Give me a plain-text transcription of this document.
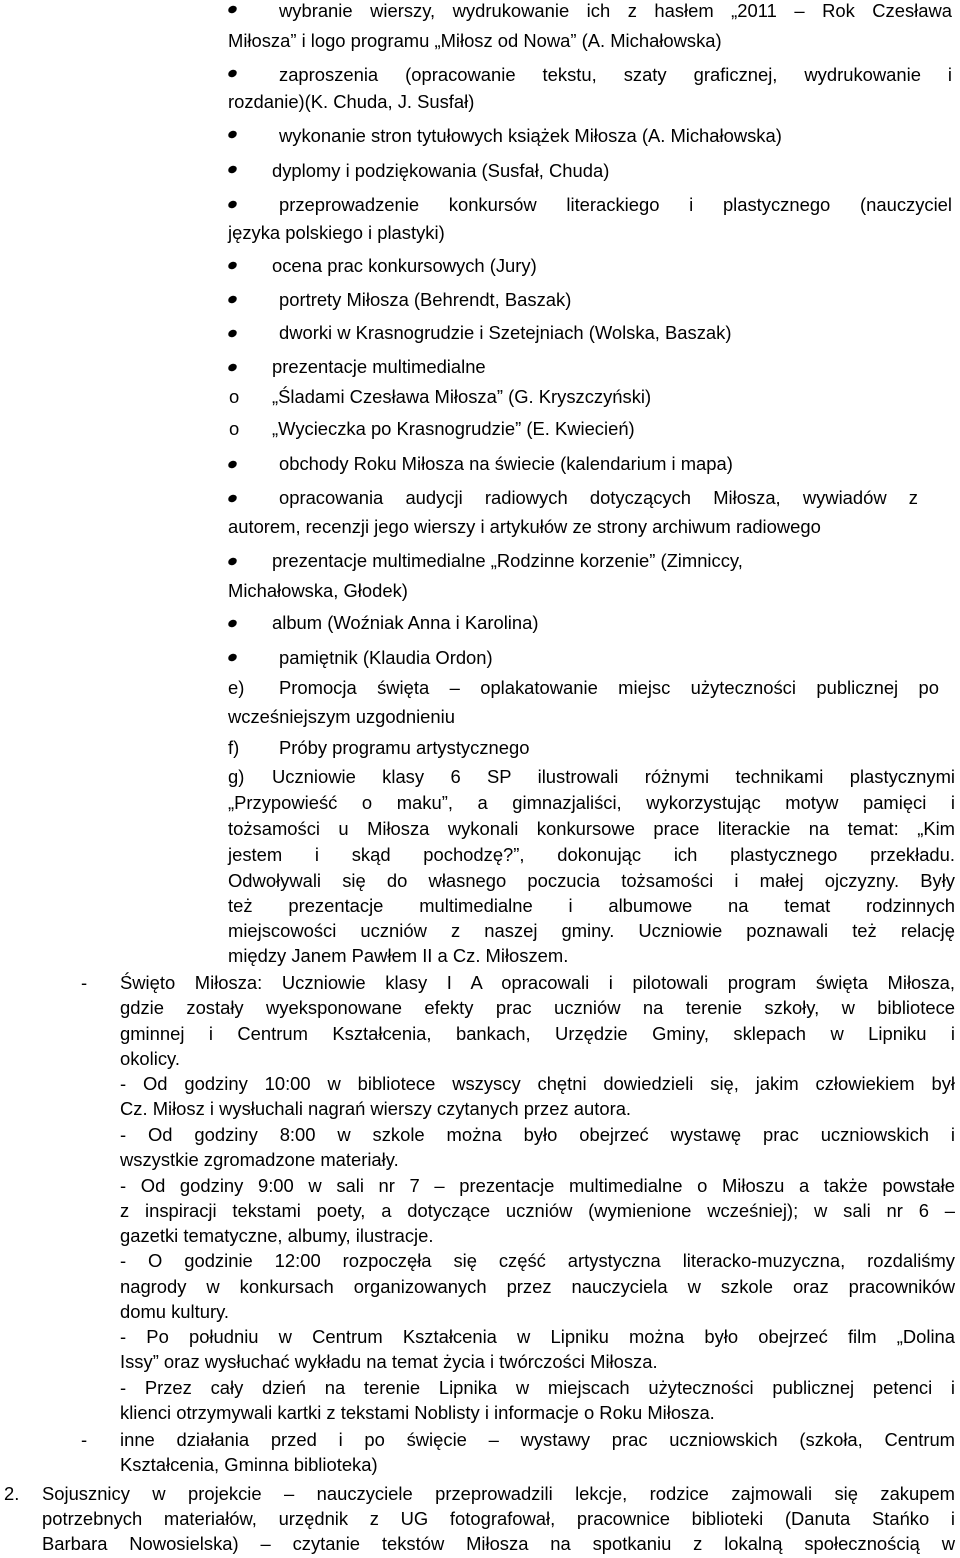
wybranie wierszy, wydrukowanie ich z hasłem „2011 – Rok Czesława
Miłosza” i logo programu „Miłosz od Nowa” (A. Michałowska)
zaproszenia (opracowanie tekstu, szaty graficznej, wydrukowanie i
rozdanie)(K. Chuda, J. Susfał)
wykonanie stron tytułowych książek Miłosza (A. Michałowska)
dyplomy i podziękowania (Susfał, Chuda)
przeprowadzenie konkursów literackiego i plastycznego (nauczyciel
języka polskiego i plastyki)
ocena prac konkursowych (Jury)
portrety Miłosza (Behrendt, Baszak)
dworki w Krasnogrudzie i Szetejniach (Wolska, Baszak)
prezentacje multimedialne
o „Śladami Czesława Miłosza” (G. Kryszczyński)
o „Wycieczka po Krasnogrudzie” (E. Kwiecień)
obchody Roku Miłosza na świecie (kalendarium i mapa)
opracowania audycji radiowych dotyczących Miłosza, wywiadów z
autorem, recenzji jego wierszy i artykułów ze strony archiwum radiowego
prezentacje multimedialne „Rodzinne korzenie” (Zimniccy,
Michałowska, Głodek)
album (Woźniak Anna i Karolina)
pamiętnik (Klaudia Ordon)
e) Promocja święta – oplakatowanie miejsc użyteczności publicznej po
wcześniejszym uzgodnieniu
f) Próby programu artystycznego
g) Uczniowie klasy 6 SP ilustrowali różnymi technikami plastycznymi
„Przypowieść o maku”, a gimnazjaliści, wykorzystując motyw pamięci i
tożsamości u Miłosza wykonali konkursowe prace literackie na temat: „Kim
jestem i skąd pochodzę?”, dokonując ich plastycznego przekładu.
Odwoływali się do własnego poczucia tożsamości i małej ojczyzny. Były
też prezentacje multimedialne i albumowe na temat rodzinnych
miejscowości uczniów z naszej gminy. Uczniowie poznawali też relację
między Janem Pawłem II a Cz. Miłoszem.
- Święto Miłosza: Uczniowie klasy I A opracowali i pilotowali program święta Miłosza,
gdzie zostały wyeksponowane efekty prac uczniów na terenie szkoły, w bibliotece
gminnej i Centrum Kształcenia, bankach, Urzędzie Gminy, sklepach w Lipniku i
okolicy.
- Od godziny 10:00 w bibliotece wszyscy chętni dowiedzieli się, jakim człowiekiem był
Cz. Miłosz i wysłuchali nagrań wierszy czytanych przez autora.
- Od godziny 8:00 w szkole można było obejrzeć wystawę prac uczniowskich i
wszystkie zgromadzone materiały.
- Od godziny 9:00 w sali nr 7 – prezentacje multimedialne o Miłoszu a także powstałe
z inspiracji tekstami poety, a dotyczące uczniów (wymienione wcześniej); w sali nr 6 –
gazetki tematyczne, albumy, ilustracje.
- O godzinie 12:00 rozpoczęła się część artystyczna literacko-muzyczna, rozdaliśmy
nagrody w konkursach organizowanych przez nauczyciela w szkole oraz pracowników
domu kultury.
- Po południu w Centrum Kształcenia w Lipniku można było obejrzeć film „Dolina
Issy” oraz wysłuchać wykładu na temat życia i twórczości Miłosza.
- Przez cały dzień na terenie Lipnika w miejscach użyteczności publicznej petenci i
klienci otrzymywali kartki z tekstami Noblisty i informacje o Roku Miłosza.
- inne działania przed i po święcie – wystawy prac uczniowskich (szkoła, Centrum
Kształcenia, Gminna biblioteka)
2. Sojusznicy w projekcie – nauczyciele przeprowadzili lekcje, rodzice zajmowali się zakupem
potrzebnych materiałów, urzędnik z UG fotografował, pracownice biblioteki (Danuta Stańko i
Barbara Nowosielska) – czytanie tekstów Miłosza na spotkaniu z lokalną społecznością w
